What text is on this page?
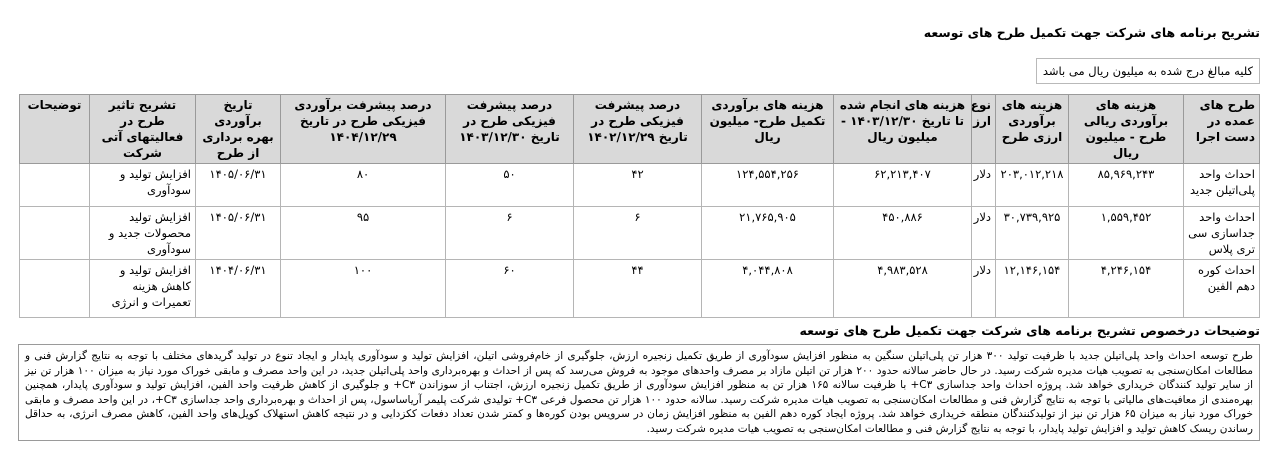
تشریح برنامه های شرکت جهت تکمیل طرح های توسعه
کلیه مبالغ درج شده به میلیون ریال می باشد
طرح های عمده در دست اجرا	هزینه های برآوردی ریالی طرح - میلیون ریال	هزینه های برآوردی ارزی طرح	نوع ارز	هزینه های انجام شده تا تاریخ ۱۴۰۳/۱۲/۳۰ - میلیون ریال	هزینه های برآوردی تکمیل طرح- میلیون ریال	درصد پیشرفت فیزیکی طرح در تاریخ ۱۴۰۲/۱۲/۲۹	درصد پیشرفت فیزیکی طرح در تاریخ ۱۴۰۳/۱۲/۳۰	درصد پیشرفت برآوردی فیزیکی طرح در تاریخ ۱۴۰۴/۱۲/۲۹	تاریخ برآوردی بهره برداری از طرح	تشریح تاثیر طرح در فعالیتهای آتی شرکت	توضیحات
احداث واحد پلی‌اتیلن جدید	۸۵,۹۶۹,۲۴۳	۲۰۳,۰۱۲,۲۱۸	دلار	۶۲,۲۱۳,۴۰۷	۱۲۴,۵۵۴,۲۵۶	۴۲	۵۰	۸۰	۱۴۰۵/۰۶/۳۱	افزایش تولید و سودآوری	
احداث واحد جداسازی سی تری پلاس	۱,۵۵۹,۴۵۲	۳۰,۷۳۹,۹۲۵	دلار	۴۵۰,۸۸۶	۲۱,۷۶۵,۹۰۵	۶	۶	۹۵	۱۴۰۵/۰۶/۳۱	افزایش تولید محصولات جدید و سودآوری	
احداث کوره دهم الفین	۴,۲۴۶,۱۵۴	۱۲,۱۴۶,۱۵۴	دلار	۴,۹۸۳,۵۲۸	۴,۰۴۴,۸۰۸	۴۴	۶۰	۱۰۰	۱۴۰۴/۰۶/۳۱	افزایش تولید و کاهش هزینه تعمیرات و انرژی	
توضیحات درخصوص تشریح برنامه های شرکت جهت تکمیل طرح های توسعه
طرح توسعه احداث واحد پلی‌اتیلن جدید با ظرفیت تولید ۳۰۰ هزار تن پلی‌اتیلن سنگین به منظور افزایش سودآوری از طریق تکمیل زنجیره ارزش، جلوگیری از خام‌فروشی اتیلن، افزایش تولید و سودآوری پایدار و ایجاد تنوع در تولید گریدهای مختلف با توجه به نتایج گزارش فنی و مطالعات امکان‌سنجی به تصویب هیات مدیره شرکت رسید. در حال حاضر سالانه حدود ۲۰۰ هزار تن اتیلن مازاد بر مصرف واحدهای موجود به فروش می‌رسد که پس از احداث و بهره‌برداری واحد پلی‌اتیلن جدید، در این واحد مصرف و مابقی خوراک مورد نیاز به میزان ۱۰۰ هزار تن نیز از سایر تولید کنندگان خریداری خواهد شد. پروژه احداث واحد جداسازی C۳+ با ظرفیت سالانه ۱۶۵ هزار تن به منظور افزایش سودآوری از طریق تکمیل زنجیره ارزش، اجتناب از سوزاندن C۳+ و جلوگیری از کاهش ظرفیت واحد الفین، افزایش تولید و سودآوری پایدار، همچنین بهره‌مندی از معافیت‌های مالیاتی با توجه به نتایج گزارش فنی و مطالعات امکان‌سنجی به تصویب هیات مدیره شرکت رسید. سالانه حدود ۱۰۰ هزار تن محصول فرعی C۳+ تولیدی شرکت پلیمر آریاساسول، پس از احداث و بهره‌برداری واحد جداسازی C۳+، در این واحد مصرف و مابقی خوراک مورد نیاز به میزان ۶۵ هزار تن نیز از تولیدکنندگان منطقه خریداری خواهد شد. پروژه ایجاد کوره دهم الفین به منظور افزایش زمان در سرویس بودن کوره‌ها و کمتر شدن تعداد دفعات ککزدایی و در نتیجه کاهش استهلاک کویل‌های واحد الفین، کاهش مصرف انرژی، به حداقل رساندن ریسک کاهش تولید و افزایش تولید پایدار، با توجه به نتایج گزارش فنی و مطالعات امکان‌سنجی به تصویب هیات مدیره شرکت رسید.
